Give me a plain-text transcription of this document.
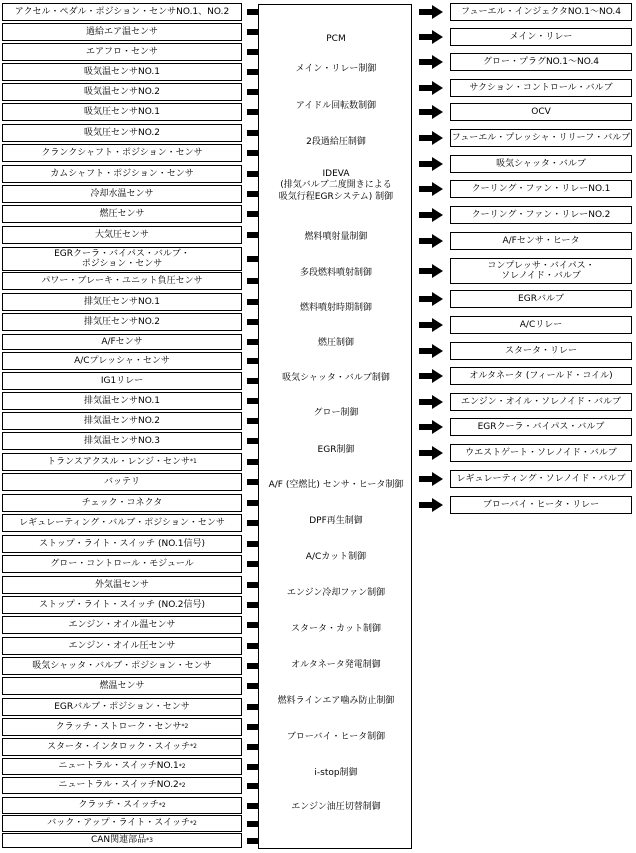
アクセル・ペダル・ポジション・センサNO.1、NO.2
過給エア温センサ
エアフロ・センサ
吸気温センサNO.1
吸気温センサNO.2
吸気圧センサNO.1
吸気圧センサNO.2
クランクシャフト・ポジション・センサ
カムシャフト・ポジション・センサ
冷却水温センサ
燃圧センサ
大気圧センサ
EGRクーラ・バイパス・バルブ・
ポジション・センサ
パワー・ブレーキ・ユニット負圧センサ
排気圧センサNO.1
排気圧センサNO.2
A/Fセンサ
A/Cプレッシャ・センサ
IG1リレー
排気温センサNO.1
排気温センサNO.2
排気温センサNO.3
トランスアクスル・レンジ・センサ *1
バッテリ
チェック・コネクタ
レギュレーティング・バルブ・ポジション・センサ
ストップ・ライト・スイッチ (NO.1信号)
グロー・コントロール・モジュール
外気温センサ
ストップ・ライト・スイッチ (NO.2信号)
エンジン・オイル温センサ
エンジン・オイル圧センサ
吸気シャッタ・バルブ・ポジション・センサ
燃温センサ
EGRバルブ・ポジション・センサ
クラッチ・ストローク・センサ *2
スタータ・インタロック・スイッチ *2
ニュートラル・スイッチNO.1 *2
ニュートラル・スイッチNO.2 *2
クラッチ・スイッチ *2
バック・アップ・ライト・スイッチ *2
CAN関連部品 *3
PCM
メイン・リレー制御
アイドル回転数制御
2段過給圧制御
IDEVA
(排気バルブ二度開きによる
吸気行程EGRシステム) 制御
燃料噴射量制御
多段燃料噴射制御
燃料噴射時期制御
燃圧制御
吸気シャッタ・バルブ制御
グロー制御
EGR制御
A/F (空燃比) センサ・ヒータ制御
DPF再生制御
A/Cカット制御
エンジン冷却ファン制御
スタータ・カット制御
オルタネータ発電制御
燃料ラインエア噛み防止制御
ブローバイ・ヒータ制御
i-stop制御
エンジン油圧切替制御
フューエル・インジェクタNO.1～NO.4
メイン・リレー
グロー・プラグNO.1～NO.4
サクション・コントロール・バルブ
OCV
フューエル・プレッシャ・リリーフ・バルブ
吸気シャッタ・バルブ
クーリング・ファン・リレーNO.1
クーリング・ファン・リレーNO.2
A/Fセンサ・ヒータ
コンプレッサ・バイパス・
ソレノイド・バルブ
EGRバルブ
A/Cリレー
スタータ・リレー
オルタネータ (フィールド・コイル)
エンジン・オイル・ソレノイド・バルブ
EGRクーラ・バイパス・バルブ
ウエストゲート・ソレノイド・バルブ
レギュレーティング・ソレノイド・バルブ
ブローバイ・ヒータ・リレー
